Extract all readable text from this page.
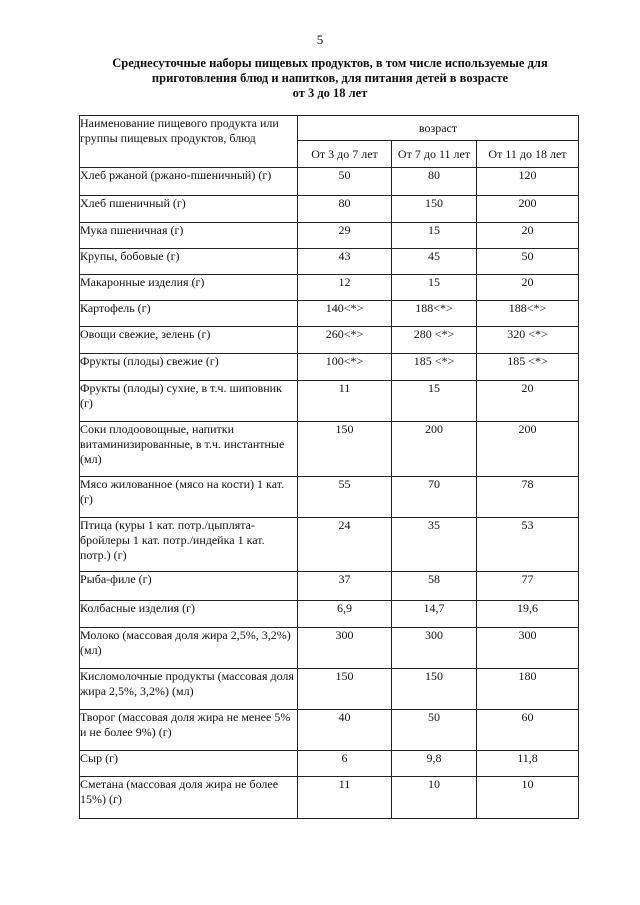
5
Среднесуточные наборы пищевых продуктов, в том числе используемые для
приготовления блюд и напитков, для питания детей в возрасте
от 3 до 18 лет
Наименование пищевого продукта или группы пищевых продуктов, блюд	возраст		
	От 3 до 7 лет	От 7 до 11 лет	От 11 до 18 лет
Хлеб ржаной (ржано-пшеничный) (г)	50	80	120
Хлеб пшеничный (г)	80	150	200
Мука пшеничная (г)	29	15	20
Крупы, бобовые (г)	43	45	50
Макаронные изделия (г)	12	15	20
Картофель (г)	140<*>	188<*>	188<*>
Овощи свежие, зелень (г)	260<*>	280 <*>	320 <*>
Фрукты (плоды) свежие (г)	100<*>	185 <*>	185 <*>
Фрукты (плоды) сухие, в т.ч. шиповник (г)	11	15	20
Соки плодоовощные, напитки витаминизированные, в т.ч. инстантные (мл)	150	200	200
Мясо жилованное (мясо на кости) 1 кат. (г)	55	70	78
Птица (куры 1 кат. потр./цыплята-бройлеры 1 кат. потр./индейка 1 кат. потр.) (г)	24	35	53
Рыба-филе (г)	37	58	77
Колбасные изделия (г)	6,9	14,7	19,6
Молоко (массовая доля жира 2,5%, 3,2%) (мл)	300	300	300
Кисломолочные продукты (массовая доля жира 2,5%, 3,2%) (мл)	150	150	180
Творог (массовая доля жира не менее 5% и не более 9%) (г)	40	50	60
Сыр (г)	6	9,8	11,8
Сметана (массовая доля жира не более 15%) (г)	11	10	10
